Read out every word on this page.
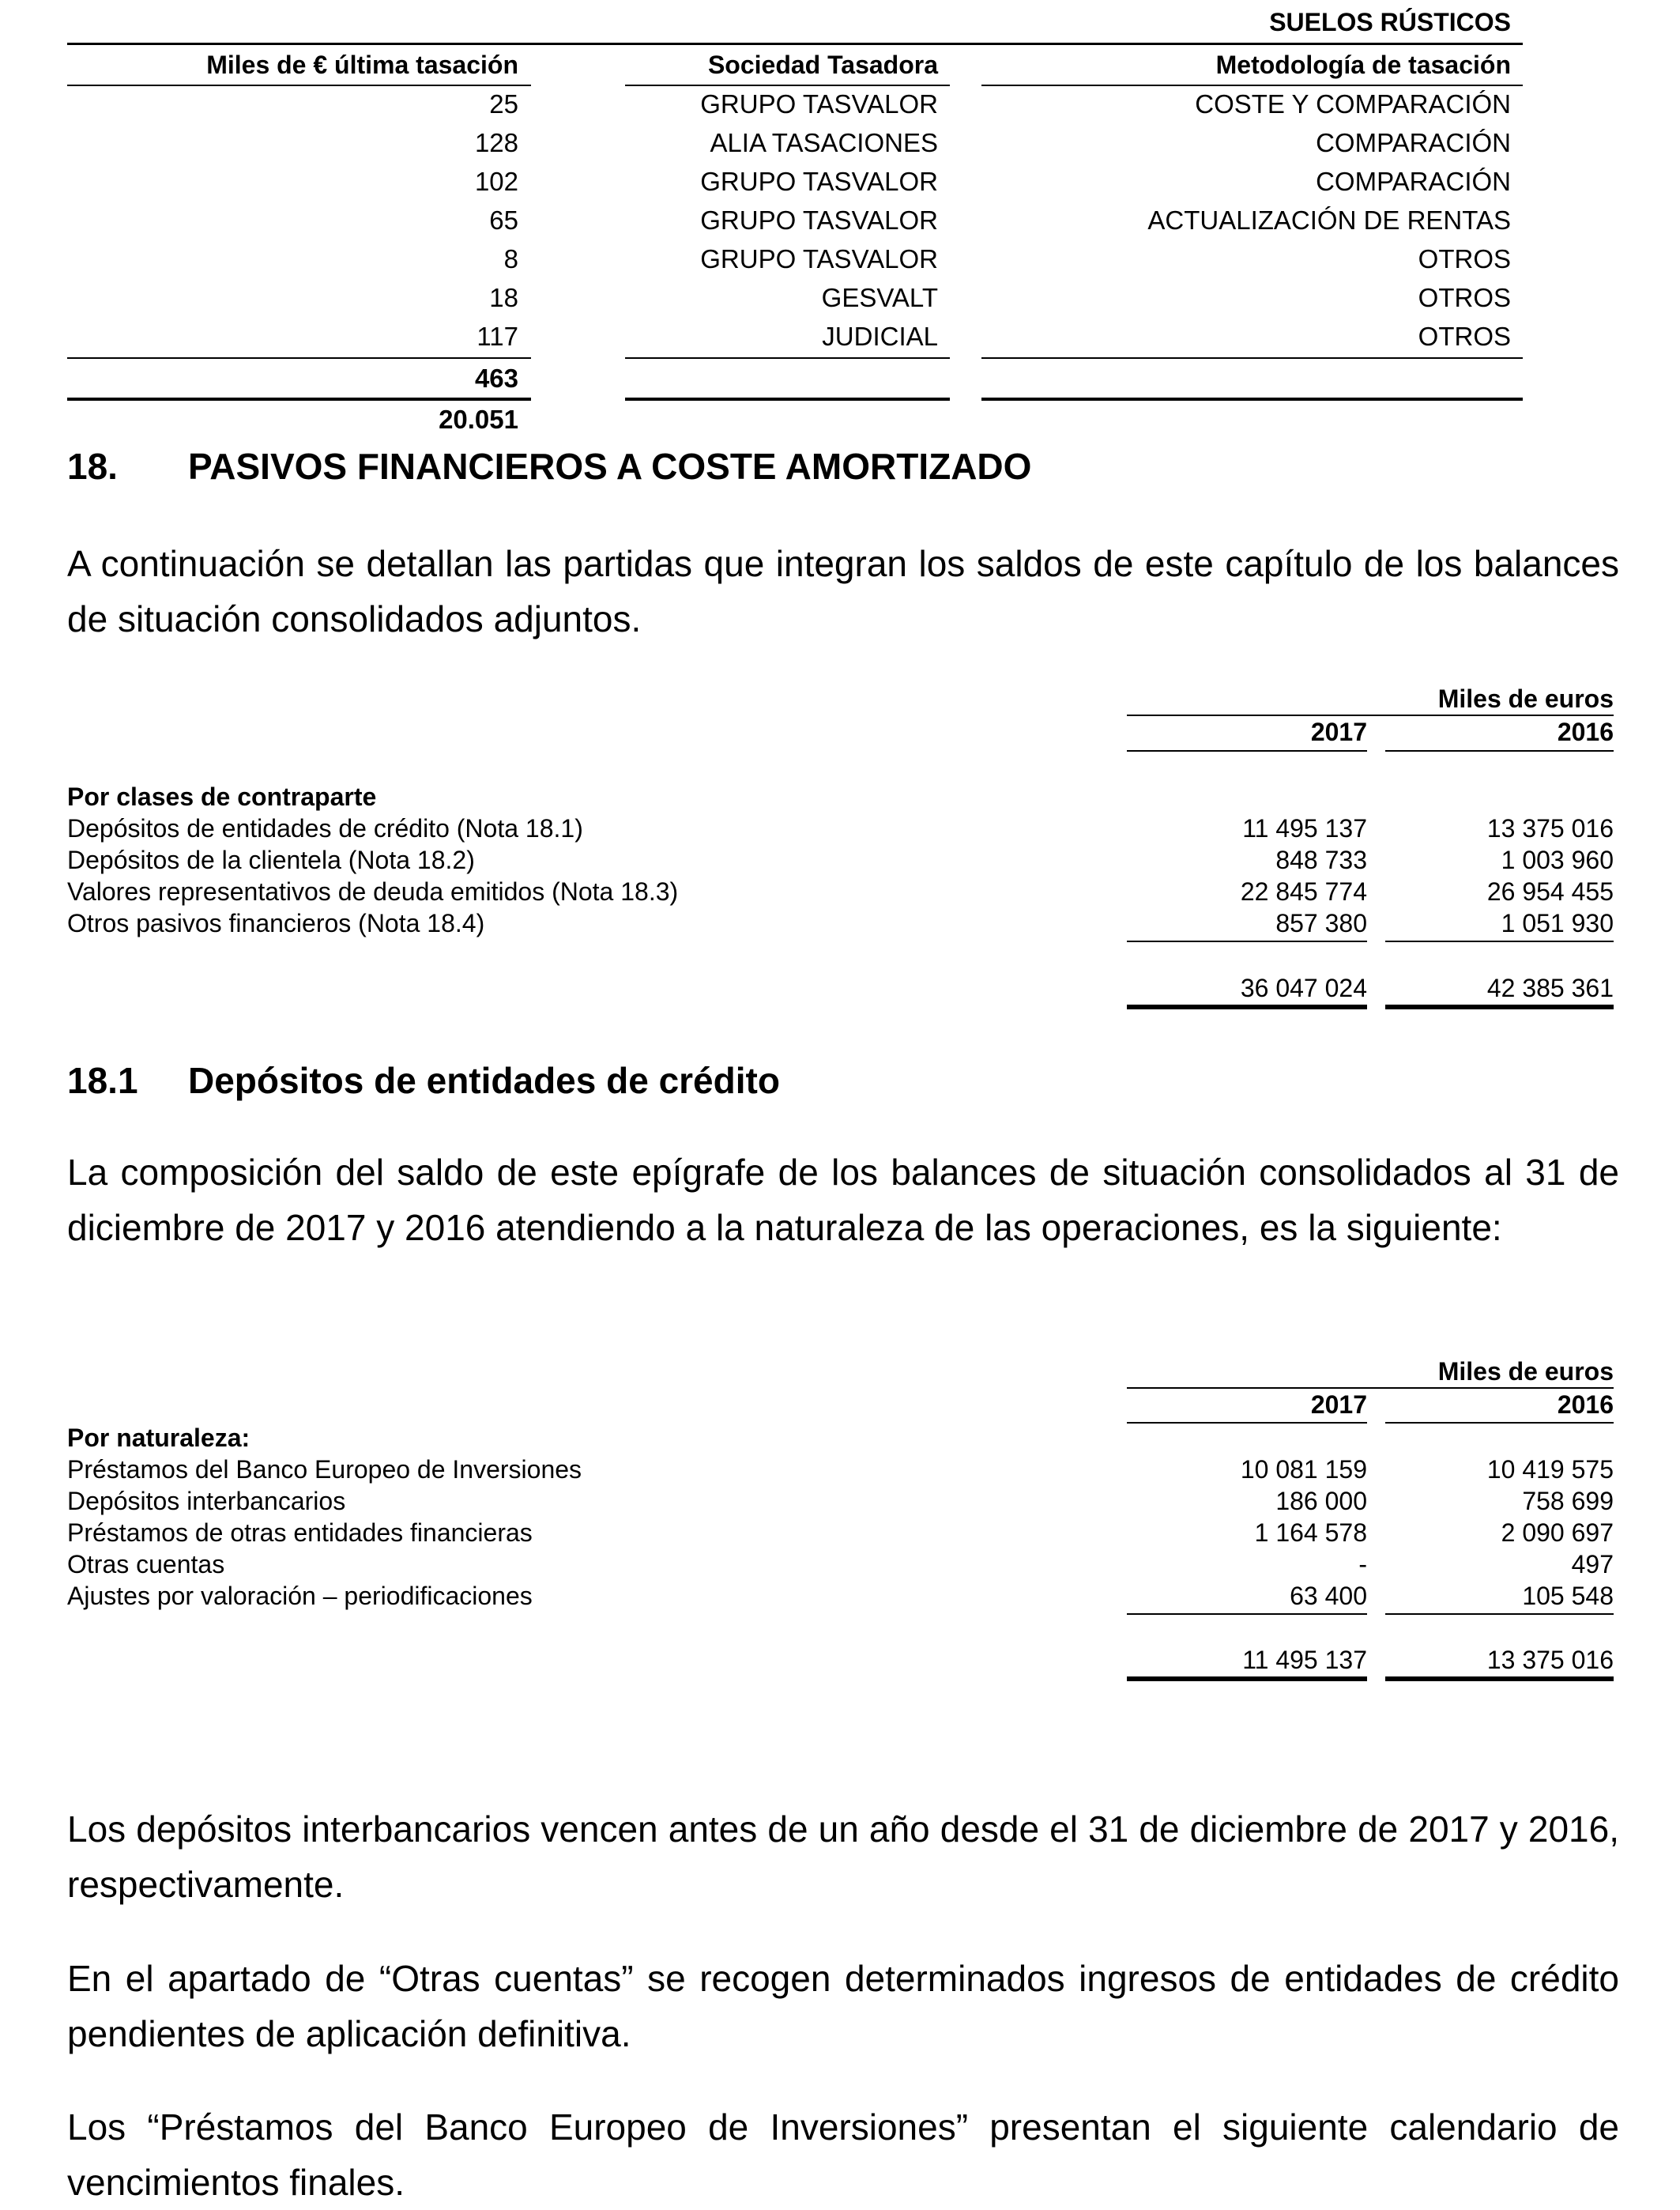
SUELOS RÚSTICOS
Miles de € última tasación	Sociedad Tasadora	Metodología de tasación
25	GRUPO TASVALOR	COSTE Y COMPARACIÓN
128	ALIA TASACIONES	COMPARACIÓN
102	GRUPO TASVALOR	COMPARACIÓN
65	GRUPO TASVALOR	ACTUALIZACIÓN DE RENTAS
8	GRUPO TASVALOR	OTROS
18	GESVALT	OTROS
117	JUDICIAL	OTROS
463
20.051
18. PASIVOS FINANCIEROS A COSTE AMORTIZADO
A continuación se detallan las partidas que integran los saldos de este capítulo de los balances de situación consolidados adjuntos.
Miles de euros
2017	2016
Por clases de contraparte
Depósitos de entidades de crédito (Nota 18.1)	11 495 137	13 375 016
Depósitos de la clientela (Nota 18.2)	848 733	1 003 960
Valores representativos de deuda emitidos (Nota 18.3)	22 845 774	26 954 455
Otros pasivos financieros (Nota 18.4)	857 380	1 051 930
36 047 024	42 385 361
18.1 Depósitos de entidades de crédito
La composición del saldo de este epígrafe de los balances de situación consolidados al 31 de diciembre de 2017 y 2016 atendiendo a la naturaleza de las operaciones, es la siguiente:
Miles de euros
2017	2016
Por naturaleza:
Préstamos del Banco Europeo de Inversiones	10 081 159	10 419 575
Depósitos interbancarios	186 000	758 699
Préstamos de otras entidades financieras	1 164 578	2 090 697
Otras cuentas	-	497
Ajustes por valoración – periodificaciones	63 400	105 548
11 495 137	13 375 016
Los depósitos interbancarios vencen antes de un año desde el 31 de diciembre de 2017 y 2016, respectivamente.
En el apartado de “Otras cuentas” se recogen determinados ingresos de entidades de crédito pendientes de aplicación definitiva.
Los “Préstamos del Banco Europeo de Inversiones” presentan el siguiente calendario de vencimientos finales.
